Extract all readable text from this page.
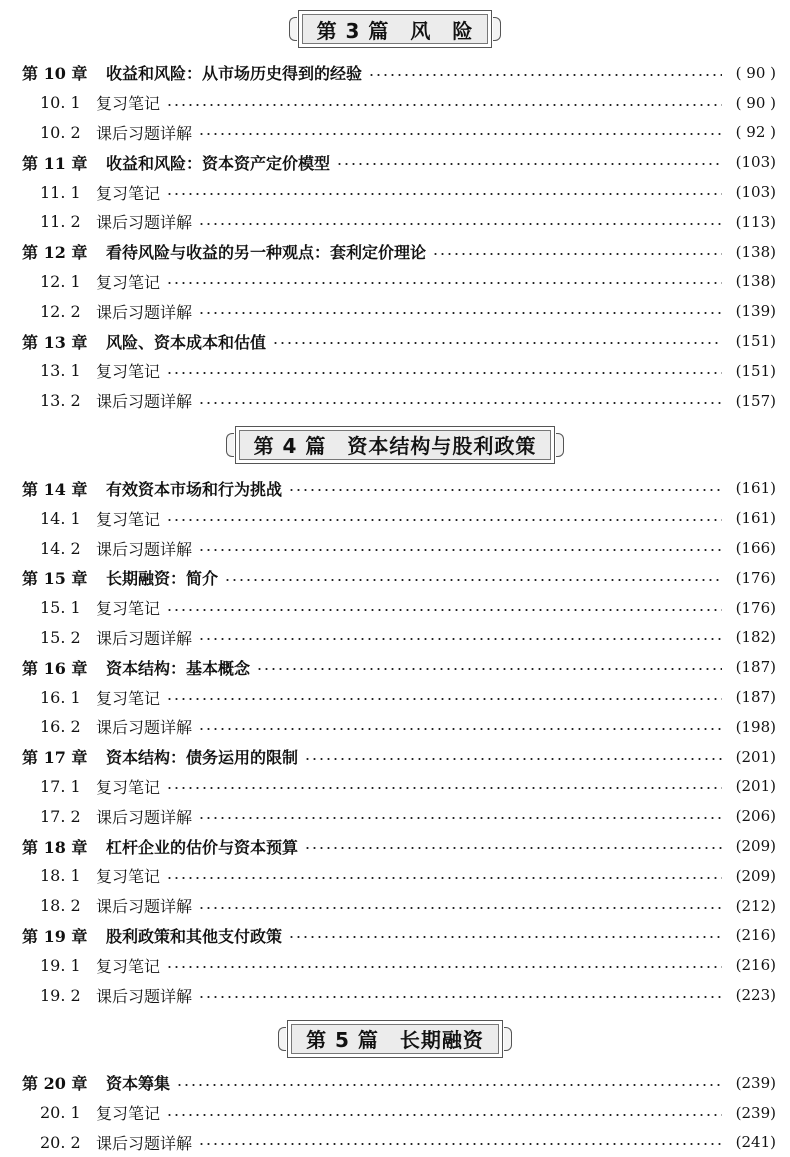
第 3 篇　风　险
第 10 章	收益和风险：从市场历史得到的经验	( 90 )
10. 1 复习笔记	( 90 )
10. 2 课后习题详解	( 92 )
第 11 章	收益和风险：资本资产定价模型	(103)
11. 1 复习笔记	(103)
11. 2 课后习题详解	(113)
第 12 章	看待风险与收益的另一种观点：套利定价理论	(138)
12. 1 复习笔记	(138)
12. 2 课后习题详解	(139)
第 13 章	风险、资本成本和估值	(151)
13. 1 复习笔记	(151)
13. 2 课后习题详解	(157)
第 4 篇　资本结构与股利政策
第 14 章	有效资本市场和行为挑战	(161)
14. 1 复习笔记	(161)
14. 2 课后习题详解	(166)
第 15 章	长期融资：简介	(176)
15. 1 复习笔记	(176)
15. 2 课后习题详解	(182)
第 16 章	资本结构：基本概念	(187)
16. 1 复习笔记	(187)
16. 2 课后习题详解	(198)
第 17 章	资本结构：债务运用的限制	(201)
17. 1 复习笔记	(201)
17. 2 课后习题详解	(206)
第 18 章	杠杆企业的估价与资本预算	(209)
18. 1 复习笔记	(209)
18. 2 课后习题详解	(212)
第 19 章	股利政策和其他支付政策	(216)
19. 1 复习笔记	(216)
19. 2 课后习题详解	(223)
第 5 篇　长期融资
第 20 章	资本筹集	(239)
20. 1 复习笔记	(239)
20. 2 课后习题详解	(241)
